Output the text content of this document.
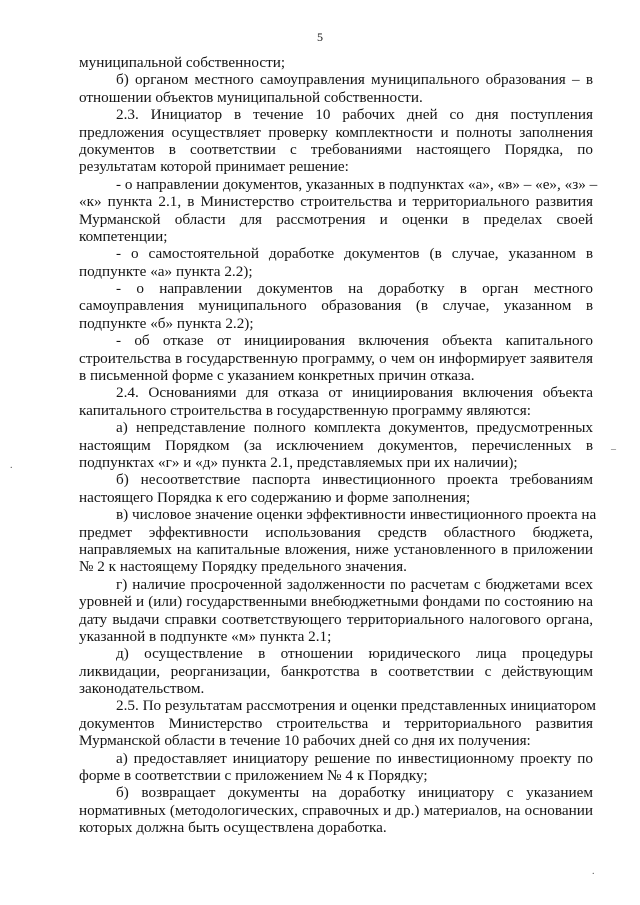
5
муниципальной собственности;
б) органом местного самоуправления муниципального образования – в
отношении объектов муниципальной собственности.
2.3. Инициатор в течение 10 рабочих дней со дня поступления
предложения осуществляет проверку комплектности и полноты заполнения
документов в соответствии с требованиями настоящего Порядка, по
результатам которой принимает решение:
- о направлении документов, указанных в подпунктах «а», «в» – «е», «з» –
«к» пункта 2.1, в Министерство строительства и территориального развития
Мурманской области для рассмотрения и оценки в пределах своей
компетенции;
- о самостоятельной доработке документов (в случае, указанном в
подпункте «а» пункта 2.2);
- о направлении документов на доработку в орган местного
самоуправления муниципального образования (в случае, указанном в
подпункте «б» пункта 2.2);
- об отказе от инициирования включения объекта капитального
строительства в государственную программу, о чем он информирует заявителя
в письменной форме с указанием конкретных причин отказа.
2.4. Основаниями для отказа от инициирования включения объекта
капитального строительства в государственную программу являются:
а) непредставление полного комплекта документов, предусмотренных
настоящим Порядком (за исключением документов, перечисленных в
подпунктах «г» и «д» пункта 2.1, представляемых при их наличии);
б) несоответствие паспорта инвестиционного проекта требованиям
настоящего Порядка к его содержанию и форме заполнения;
в) числовое значение оценки эффективности инвестиционного проекта на
предмет эффективности использования средств областного бюджета,
направляемых на капитальные вложения, ниже установленного в приложении
№ 2 к настоящему Порядку предельного значения.
г) наличие просроченной задолженности по расчетам с бюджетами всех
уровней и (или) государственными внебюджетными фондами по состоянию на
дату выдачи справки соответствующего территориального налогового органа,
указанной в подпункте «м» пункта 2.1;
д) осуществление в отношении юридического лица процедуры
ликвидации, реорганизации, банкротства в соответствии с действующим
законодательством.
2.5. По результатам рассмотрения и оценки представленных инициатором
документов Министерство строительства и территориального развития
Мурманской области в течение 10 рабочих дней со дня их получения:
а) предоставляет инициатору решение по инвестиционному проекту по
форме в соответствии с приложением № 4 к Порядку;
б) возвращает документы на доработку инициатору с указанием
нормативных (методологических, справочных и др.) материалов, на основании
которых должна быть осуществлена доработка.
.
–
.
